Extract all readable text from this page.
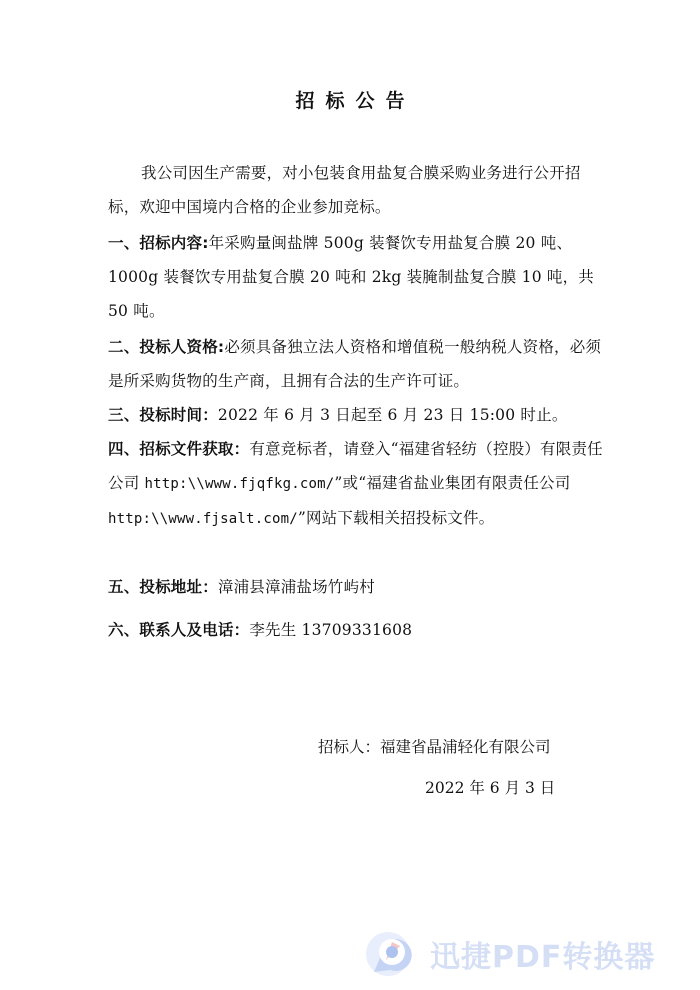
招标公告
我公司因生产需要，对小包装食用盐复合膜采购业务进行公开招标，欢迎中国境内合格的企业参加竞标。
一、招标内容:年采购量闽盐牌 500g 装餐饮专用盐复合膜 20 吨、1000g 装餐饮专用盐复合膜 20 吨和 2kg 装腌制盐复合膜 10 吨，共 50 吨。
二、投标人资格:必须具备独立法人资格和增值税一般纳税人资格，必须是所采购货物的生产商，且拥有合法的生产许可证。
三、投标时间：2022 年 6 月 3 日起至 6 月 23 日 15:00 时止。
四、招标文件获取：有意竞标者，请登入“福建省轻纺（控股）有限责任公司 http:\\www.fjqfkg.com/”或“福建省盐业集团有限责任公司 http:\\www.fjsalt.com/”网站下载相关招投标文件。
五、投标地址：漳浦县漳浦盐场竹屿村
六、联系人及电话：李先生 13709331608
招标人：福建省晶浦轻化有限公司
2022 年 6 月 3 日
迅捷PDF转换器
